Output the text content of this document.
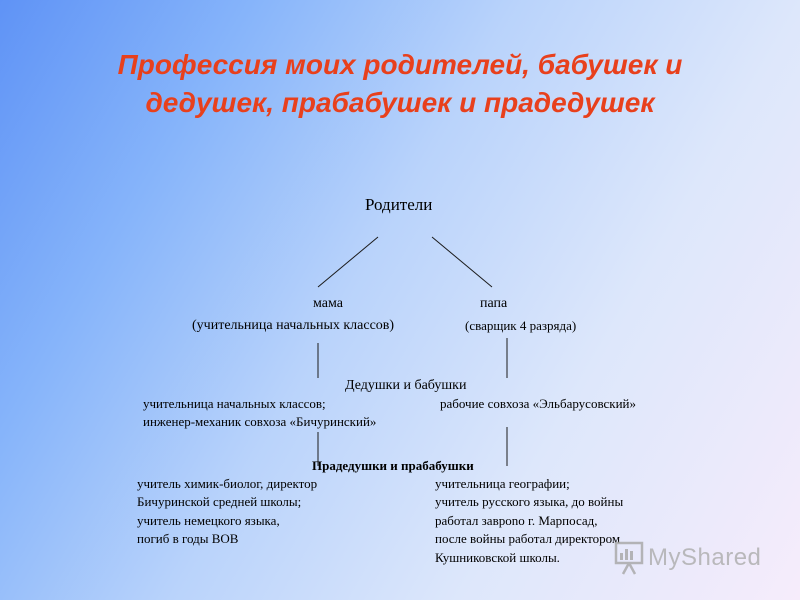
Профессия моих родителей, бабушек и
дедушек, прабабушек и прадедушек
Родители
мама	папа
(учительница начальных классов)	(сварщик 4 разряда)
Дедушки и бабушки
учительница начальных классов;	рабочие совхоза «Эльбарусовский»
инженер-механик совхоза «Бичуринский»
Прадедушки и прабабушки
учитель химик-биолог, директор
Бичуринской средней школы;
учитель немецкого языка,
погиб в годы ВОВ
учительница географии;
учитель русского языка, до войны
работал заврono г. Марпосад,
после войны работал директором
Кушниковской школы.	MyShared
